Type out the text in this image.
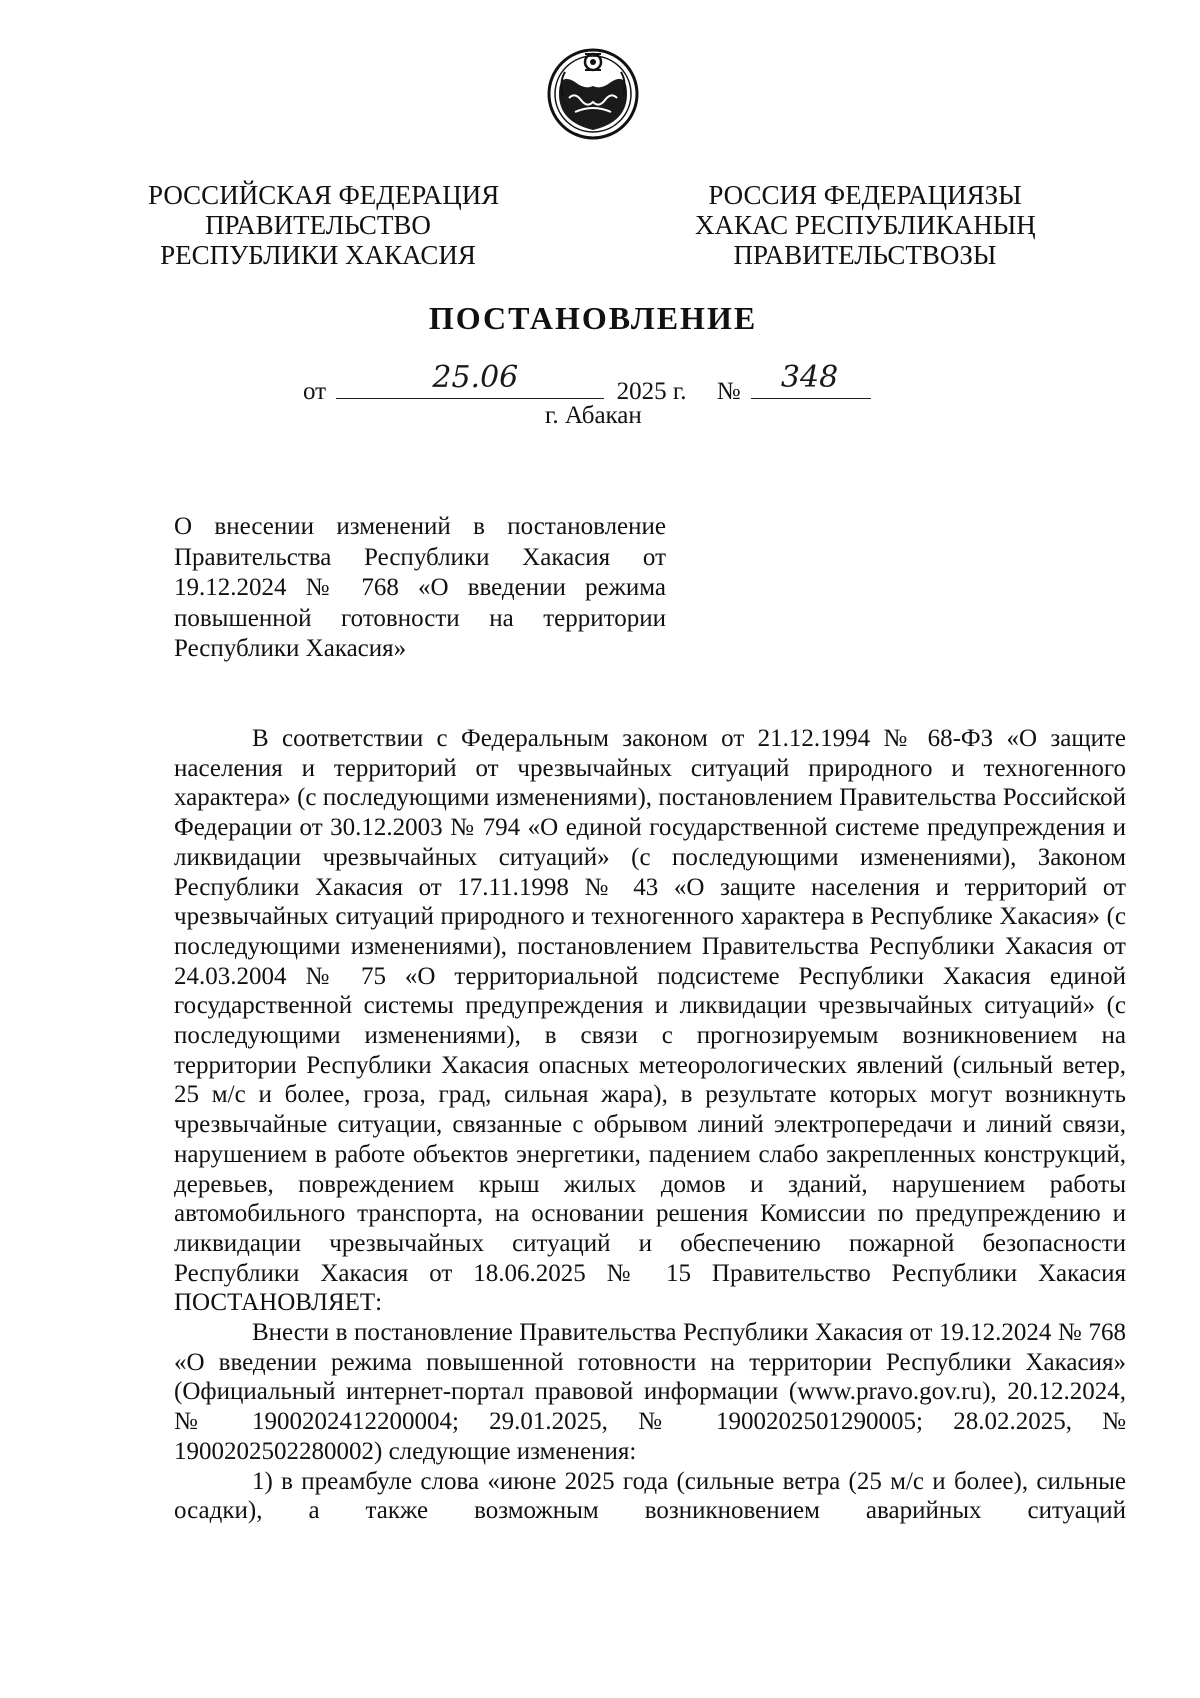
РОССИЙСКАЯ ФЕДЕРАЦИЯ
ПРАВИТЕЛЬСТВО
РЕСПУБЛИКИ ХАКАСИЯ
РОССИЯ ФЕДЕРАЦИЯЗЫ
ХАКАС РЕСПУБЛИКАНЫҢ
ПРАВИТЕЛЬСТВОЗЫ
ПОСТАНОВЛЕНИЕ
от	25.06	2025 г. № 348
г. Абакан

О внесении изменений в постановление Правительства Республики Хакасия от 19.12.2024 № 768 «О введении режима повышенной готовности на территории Республики Хакасия»

В соответствии с Федеральным законом от 21.12.1994 № 68-ФЗ «О защите населения и территорий от чрезвычайных ситуаций природного и техногенного характера» (с последующими изменениями), постановлением Правительства Российской Федерации от 30.12.2003 № 794 «О единой государственной системе предупреждения и ликвидации чрезвычайных ситуаций» (с последующими изменениями), Законом Республики Хакасия от 17.11.1998 № 43 «О защите населения и территорий от чрезвычайных ситуаций природного и техногенного характера в Республике Хакасия» (с последующими изменениями), постановлением Правительства Республики Хакасия от 24.03.2004 № 75 «О территориальной подсистеме Республики Хакасия единой государственной системы предупреждения и ликвидации чрезвычайных ситуаций» (с последующими изменениями), в связи с прогнозируемым возникновением на территории Республики Хакасия опасных метеорологических явлений (сильный ветер, 25 м/с и более, гроза, град, сильная жара), в результате которых могут возникнуть чрезвычайные ситуации, связанные с обрывом линий электропередачи и линий связи, нарушением в работе объектов энергетики, падением слабо закрепленных конструкций, деревьев, повреждением крыш жилых домов и зданий, нарушением работы автомобильного транспорта, на основании решения Комиссии по предупреждению и ликвидации чрезвычайных ситуаций и обеспечению пожарной безопасности Республики Хакасия от 18.06.2025 № 15 Правительство Республики Хакасия ПОСТАНОВЛЯЕТ:

Внести в постановление Правительства Республики Хакасия от 19.12.2024 № 768 «О введении режима повышенной готовности на территории Республики Хакасия» (Официальный интернет-портал правовой информации (www.pravo.gov.ru), 20.12.2024, № 1900202412200004; 29.01.2025, № 1900202501290005; 28.02.2025, № 1900202502280002) следующие изменения:

1) в преамбуле слова «июне 2025 года (сильные ветра (25 м/с и более), сильные осадки), а также возможным возникновением аварийных ситуаций
